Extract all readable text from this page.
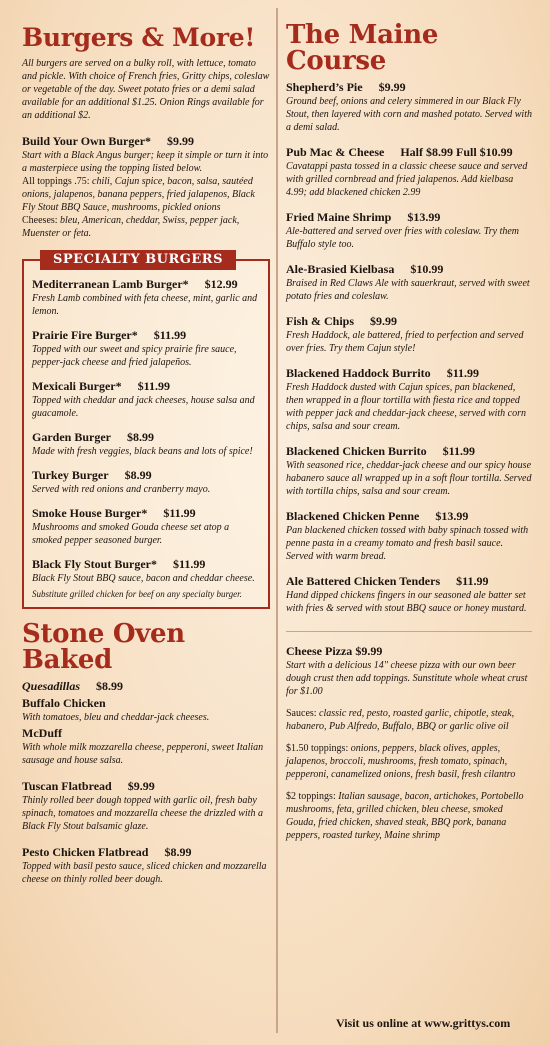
Burgers & More!
All burgers are served on a bulky roll, with lettuce, tomato and pickle. With choice of French fries, Gritty chips, coleslaw or vegetable of the day. Sweet potato fries or a demi salad available for an additional $1.25. Onion Rings available for an additional $2.
Build Your Own Burger* $9.99
Start with a Black Angus burger; keep it simple or turn it into a masterpiece using the topping listed below.
All toppings .75: chili, Cajun spice, bacon, salsa, sautéed onions, jalapenos, banana peppers, fried jalapenos, Black Fly Stout BBQ Sauce, mushrooms, pickled onions
Cheeses: bleu, American, cheddar, Swiss, pepper jack, Muenster or feta.
SPECIALTY BURGERS
Mediterranean Lamb Burger* $12.99
Fresh Lamb combined with feta cheese, mint, garlic and lemon.
Prairie Fire Burger* $11.99
Topped with our sweet and spicy prairie fire sauce, pepper-jack cheese and fried jalapeños.
Mexicali Burger* $11.99
Topped with cheddar and jack cheeses, house salsa and guacamole.
Garden Burger $8.99
Made with fresh veggies, black beans and lots of spice!
Turkey Burger $8.99
Served with red onions and cranberry mayo.
Smoke House Burger* $11.99
Mushrooms and smoked Gouda cheese set atop a smoked pepper seasoned burger.
Black Fly Stout Burger* $11.99
Black Fly Stout BBQ sauce, bacon and cheddar cheese.
Substitute grilled chicken for beef on any specialty burger.
Stone Oven Baked
Quesadillas $8.99
Buffalo Chicken
With tomatoes, bleu and cheddar-jack cheeses.
McDuff
With whole milk mozzarella cheese, pepperoni, sweet Italian sausage and house salsa.
Tuscan Flatbread $9.99
Thinly rolled beer dough topped with garlic oil, fresh baby spinach, tomatoes and mozzarella cheese the drizzled with a Black Fly Stout balsamic glaze.
Pesto Chicken Flatbread $8.99
Topped with basil pesto sauce, sliced chicken and mozzarella cheese on thinly rolled beer dough.
The Maine Course
Shepherd’s Pie $9.99
Ground beef, onions and celery simmered in our Black Fly Stout, then layered with corn and mashed potato. Served with a demi salad.
Pub Mac & Cheese Half $8.99 Full $10.99
Cavatappi pasta tossed in a classic cheese sauce and served with grilled cornbread and fried jalapenos. Add kielbasa 4.99; add blackened chicken 2.99
Fried Maine Shrimp $13.99
Ale-battered and served over fries with coleslaw. Try them Buffalo style too.
Ale-Brasied Kielbasa $10.99
Braised in Red Claws Ale with sauerkraut, served with sweet potato fries and coleslaw.
Fish & Chips $9.99
Fresh Haddock, ale battered, fried to perfection and served over fries. Try them Cajun style!
Blackened Haddock Burrito $11.99
Fresh Haddock dusted with Cajun spices, pan blackened, then wrapped in a flour tortilla with fiesta rice and topped with pepper jack and cheddar-jack cheese, served with corn chips, salsa and sour cream.
Blackened Chicken Burrito $11.99
With seasoned rice, cheddar-jack cheese and our spicy house habanero sauce all wrapped up in a soft flour tortilla. Served with tortilla chips, salsa and sour cream.
Blackened Chicken Penne $13.99
Pan blackened chicken tossed with baby spinach tossed with penne pasta in a creamy tomato and fresh basil sauce. Served with warm bread.
Ale Battered Chicken Tenders $11.99
Hand dipped chickens fingers in our seasoned ale batter set with fries & served with stout BBQ sauce or honey mustard.
Cheese Pizza $9.99
Start with a delicious 14" cheese pizza with our own beer dough crust then add toppings. Sunstitute whole wheat crust for $1.00
Sauces: classic red, pesto, roasted garlic, chipotle, steak, habanero, Pub Alfredo, Buffalo, BBQ or garlic olive oil
$1.50 toppings: onions, peppers, black olives, apples, jalapenos, broccoli, mushrooms, fresh tomato, spinach, pepperoni, canamelized onions, fresh basil, fresh cilantro
$2 toppings: Italian sausage, bacon, artichokes, Portobello mushrooms, feta, grilled chicken, bleu cheese, smoked Gouda, fried chicken, shaved steak, BBQ pork, banana peppers, roasted turkey, Maine shrimp
Visit us online at www.grittys.com
